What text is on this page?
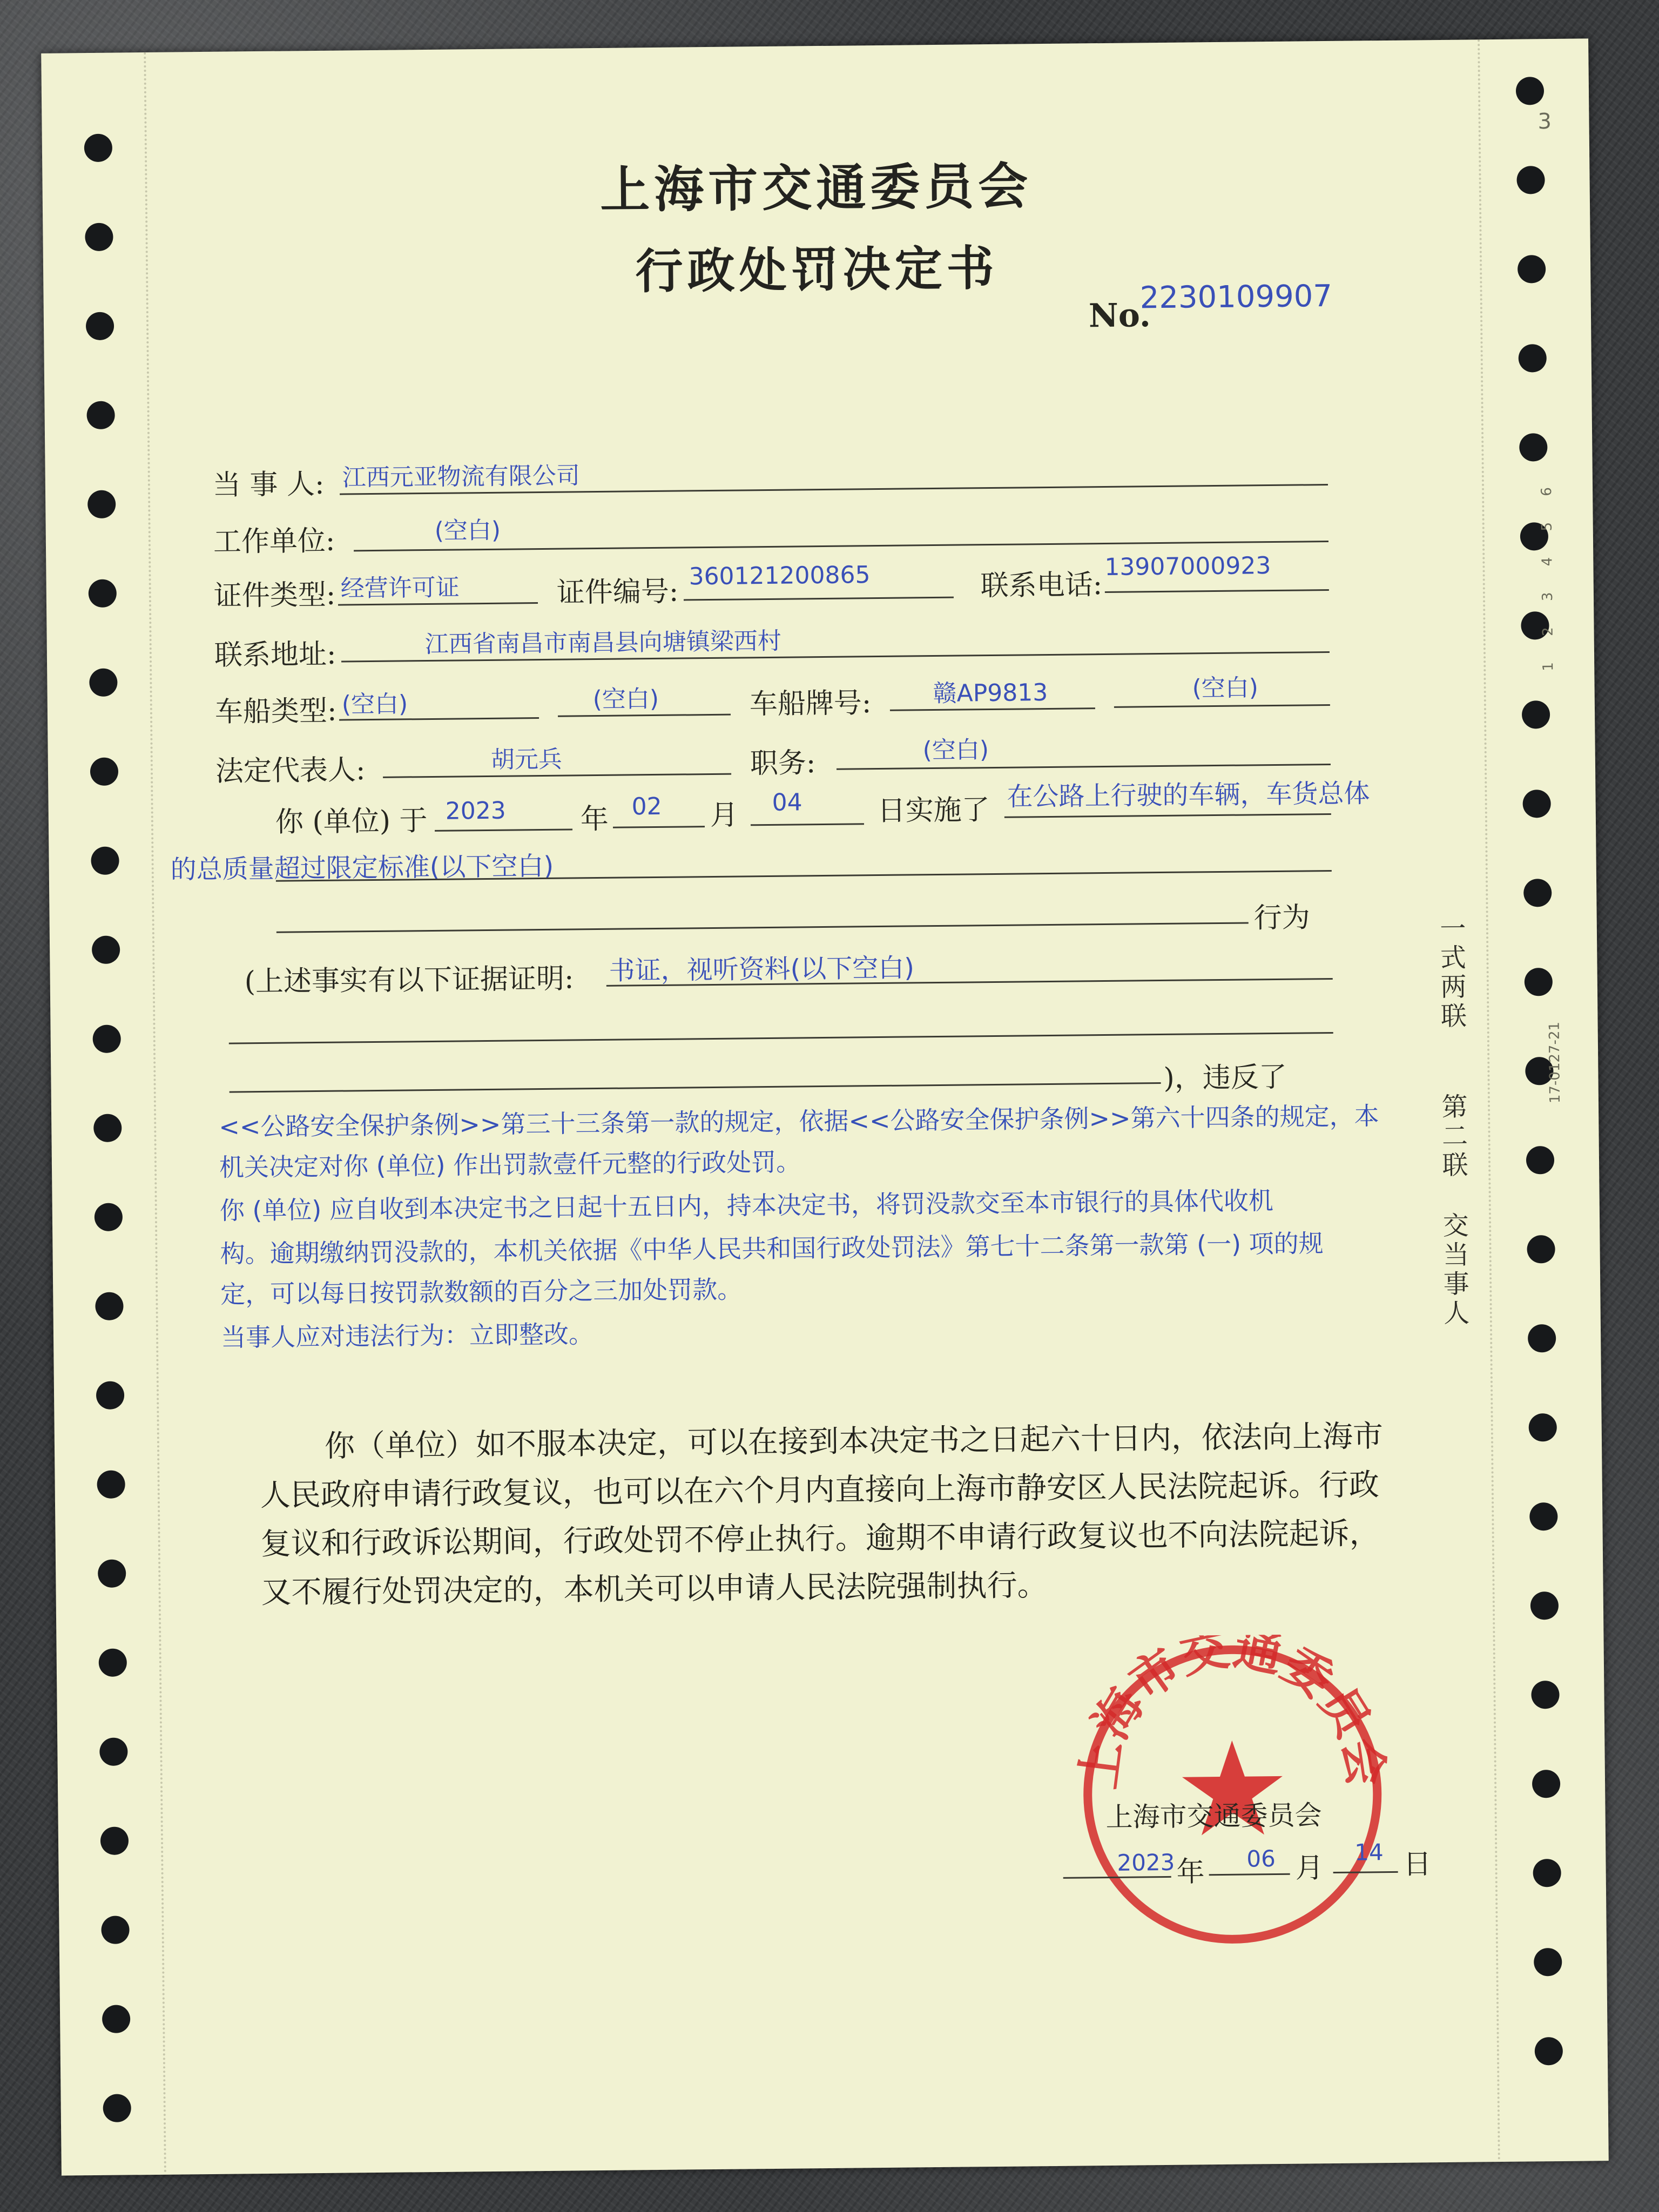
上海市交通委员会
行政处罚决定书
No.
2230109907
当 事 人: 江西元亚物流有限公司
工作单位:	(空白)
证件类型: 经营许可证	证件编号: 360121200865	联系电话:
13907000923
联系地址:	江西省南昌市南昌县向塘镇梁西村
车船类型: (空白)	(空白)	车船牌号:	赣AP9813	(空白)
法定代表人:	胡元兵	职务:	(空白)
你 (单位) 于 2023	年 02 月 04	日实施了 在公路上行驶的车辆，车货总体
的总质量超过限定标准(以下空白)
行为
(上述事实有以下证据证明: 书证，视听资料(以下空白)
)，违反了
<<公路安全保护条例>>第三十三条第一款的规定，依据<<公路安全保护条例>>第六十四条的规定，本
机关决定对你 (单位) 作出罚款壹仟元整的行政处罚。
你 (单位) 应自收到本决定书之日起十五日内，持本决定书，将罚没款交至本市银行的具体代收机
构。逾期缴纳罚没款的，本机关依据《中华人民共和国行政处罚法》第七十二条第一款第 (一) 项的规
定，可以每日按罚款数额的百分之三加处罚款。
当事人应对违法行为：立即整改。
你（单位）如不服本决定，可以在接到本决定书之日起六十日内，依法向上海市
人民政府申请行政复议，也可以在六个月内直接向上海市静安区人民法院起诉。行政
复议和行政诉讼期间，行政处罚不停止执行。逾期不申请行政复议也不向法院起诉，
又不履行处罚决定的，本机关可以申请人民法院强制执行。
上海市交通委员会
上海市交通委员会
2023 年 06 月 14 日
一式两联
第二联
交当事人
17-0127-21
1 2 3 4 5 6
3
